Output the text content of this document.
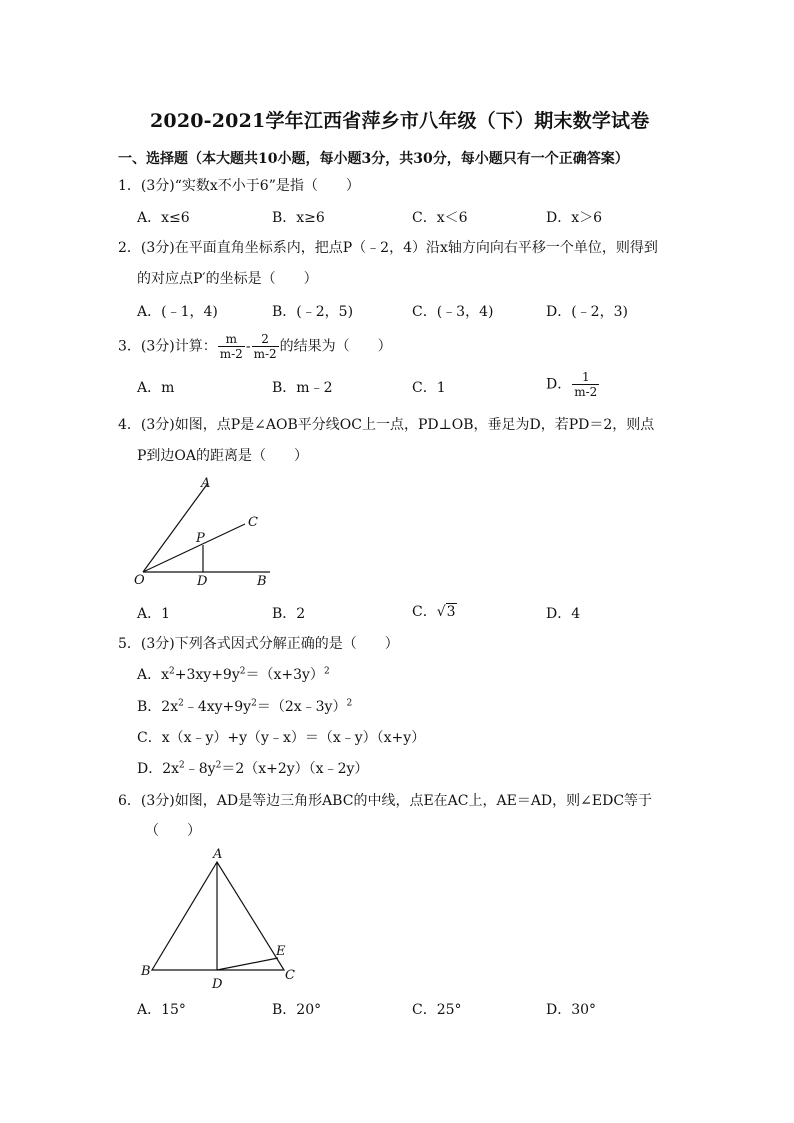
2020-2021学年江西省萍乡市八年级（下）期末数学试卷
一、选择题（本大题共10小题，每小题3分，共30分，每小题只有一个正确答案）
1．(3分)“实数x不小于6”是指（　　）
A．x≤6	B．x≥6	C．x＜6	D．x＞6
2．(3分)在平面直角坐标系内，把点P（﹣2，4）沿x轴方向向右平移一个单位，则得到
的对应点P′的坐标是（　　）
A．(﹣1，4)	B．(﹣2，5)	C．(﹣3，4)	D．(﹣2，3)
3．(3分)计算： $\frac{m}{m-2} - \frac{2}{m-2}$ 的结果为（　　）
A．m	B．m﹣2	C．1	D． $\frac{1}{m-2}$
4．(3分)如图，点P是∠AOB平分线OC上一点，PD⊥OB，垂足为D，若PD＝2，则点
P到边OA的距离是（　　）
A
C
P
O	D	B
A．1	B．2	C．√3	D．4
5．(3分)下列各式因式分解正确的是（　　）
A．$x^2+3xy+9y^2=(x+3y)^2$
B．$2x^2﹣4xy+9y^2=(2x﹣3y)^2$
C．x（x﹣y）+y（y﹣x）＝（x﹣y）（x+y）
D．$2x^2﹣8y^2=2(x+2y)(x﹣2y)$
6．(3分)如图，AD是等边三角形ABC的中线，点E在AC上，AE＝AD，则∠EDC等于
（　　）
A
B	C
D
E
A．15°	B．20°	C．25°	D．30°
